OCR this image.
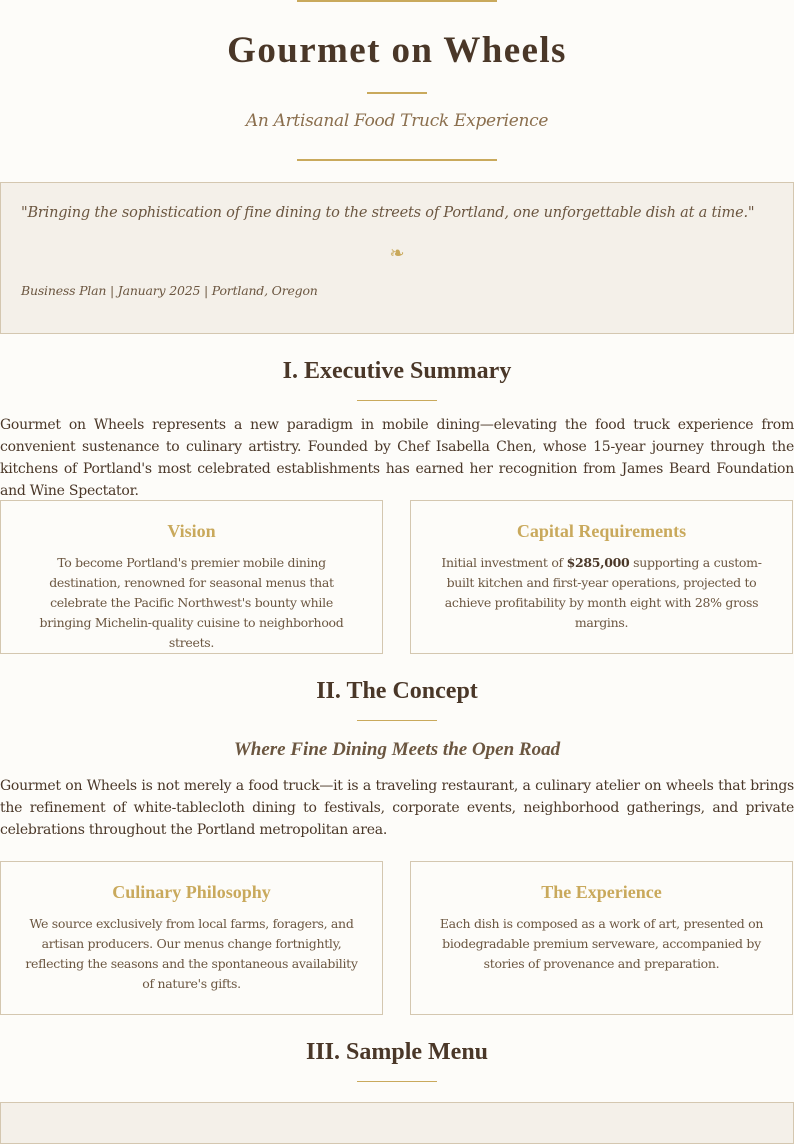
Gourmet on Wheels
An Artisanal Food Truck Experience
"Bringing the sophistication of fine dining to the streets of Portland, one unforgettable dish at a time."
❧
Business Plan | January 2025 | Portland, Oregon
I. Executive Summary

Gourmet on Wheels represents a new paradigm in mobile dining—elevating the food truck experience from convenient sustenance to culinary artistry. Founded by Chef Isabella Chen, whose 15-year journey through the kitchens of Portland's most celebrated establishments has earned her recognition from James Beard Foundation and Wine Spectator.

Vision
To become Portland's premier mobile dining destination, renowned for seasonal menus that celebrate the Pacific Northwest's bounty while bringing Michelin-quality cuisine to neighborhood streets.
Capital Requirements
Initial investment of $285,000 supporting a custom-built kitchen and first-year operations, projected to achieve profitability by month eight with 28% gross margins.
II. The Concept
Where Fine Dining Meets the Open Road

Gourmet on Wheels is not merely a food truck—it is a traveling restaurant, a culinary atelier on wheels that brings the refinement of white-tablecloth dining to festivals, corporate events, neighborhood gatherings, and private celebrations throughout the Portland metropolitan area.

Culinary Philosophy
We source exclusively from local farms, foragers, and artisan producers. Our menus change fortnightly, reflecting the seasons and the spontaneous availability of nature's gifts.
The Experience
Each dish is composed as a work of art, presented on biodegradable premium serveware, accompanied by stories of provenance and preparation.
III. Sample Menu
